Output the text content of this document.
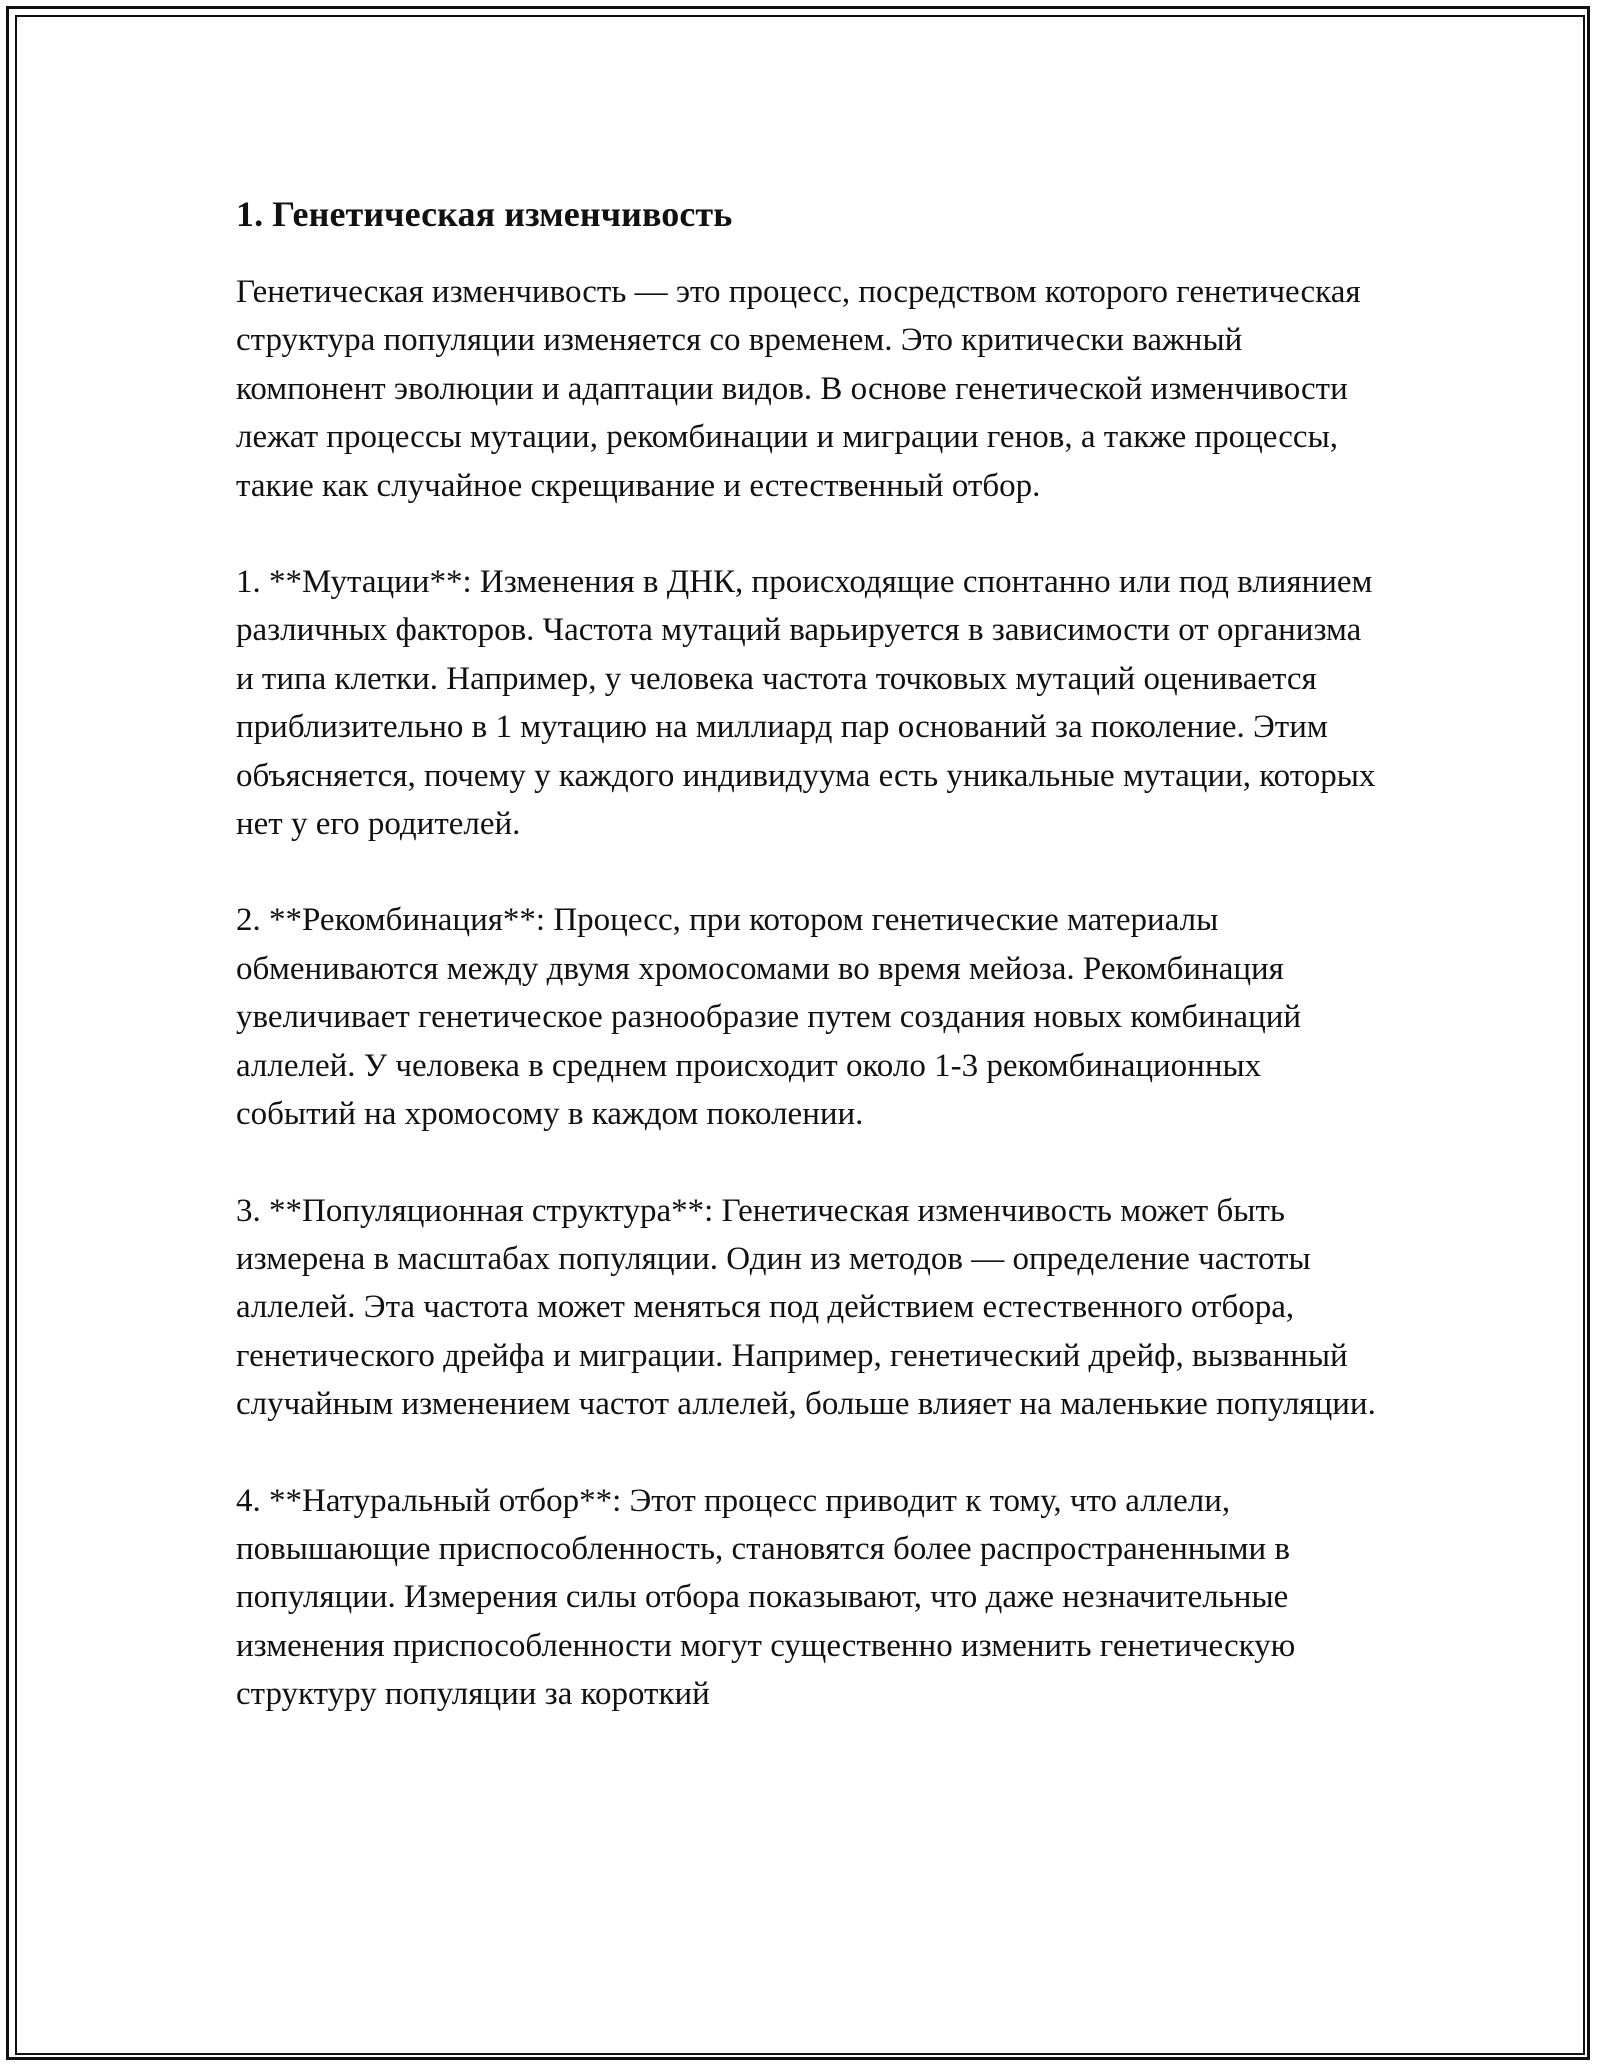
1. Генетическая изменчивость

Генетическая изменчивость — это процесс, посредством которого генетическая структура популяции изменяется со временем. Это критически важный компонент эволюции и адаптации видов. В основе генетической изменчивости лежат процессы мутации, рекомбинации и миграции генов, а также процессы, такие как случайное скрещивание и естественный отбор.

1. **Мутации**: Изменения в ДНК, происходящие спонтанно или под влиянием различных факторов. Частота мутаций варьируется в зависимости от организма и типа клетки. Например, у человека частота точковых мутаций оценивается приблизительно в 1 мутацию на миллиард пар оснований за поколение. Этим объясняется, почему у каждого индивидуума есть уникальные мутации, которых нет у его родителей.

2. **Рекомбинация**: Процесс, при котором генетические материалы обмениваются между двумя хромосомами во время мейоза. Рекомбинация увеличивает генетическое разнообразие путем создания новых комбинаций аллелей. У человека в среднем происходит около 1-3 рекомбинационных событий на хромосому в каждом поколении.

3. **Популяционная структура**: Генетическая изменчивость может быть измерена в масштабах популяции. Один из методов — определение частоты аллелей. Эта частота может меняться под действием естественного отбора, генетического дрейфа и миграции. Например, генетический дрейф, вызванный случайным изменением частот аллелей, больше влияет на маленькие популяции.

4. **Натуральный отбор**: Этот процесс приводит к тому, что аллели, повышающие приспособленность, становятся более распространенными в популяции. Измерения силы отбора показывают, что даже незначительные изменения приспособленности могут существенно изменить генетическую структуру популяции за короткий
